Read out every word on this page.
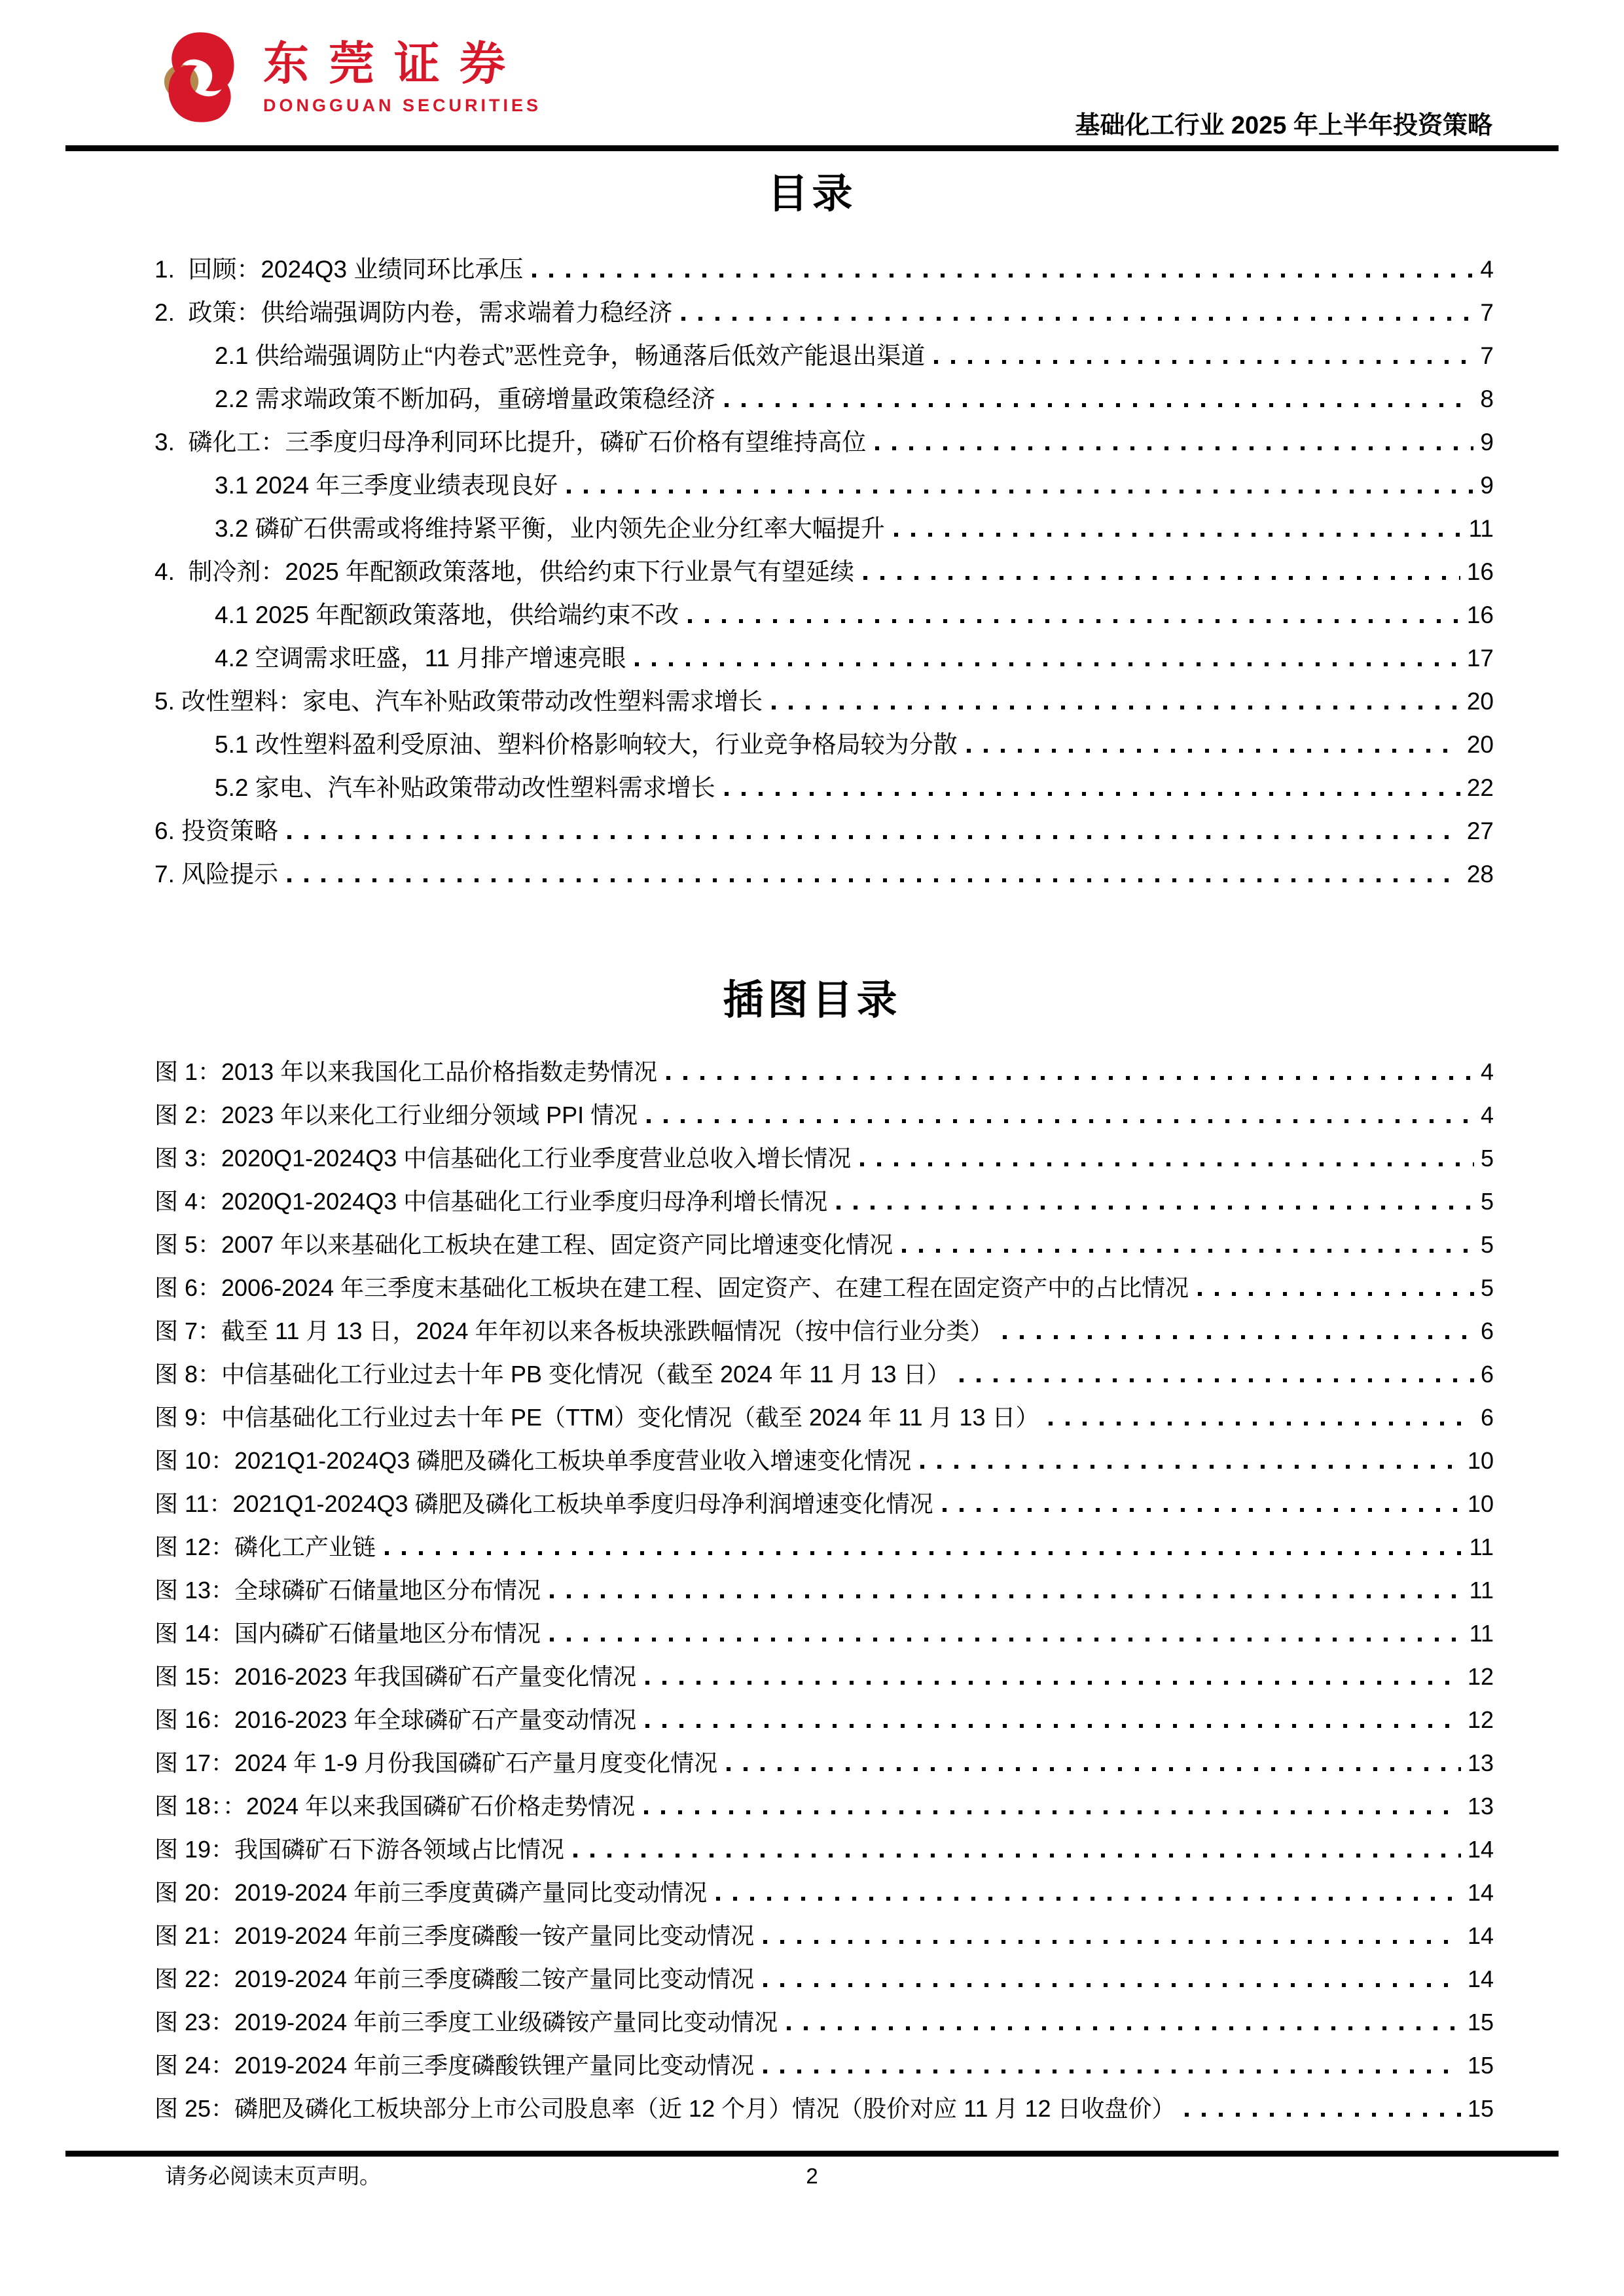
东莞证券
DONGGUAN SECURITIES
基础化工行业 2025 年上半年投资策略
目录
1.  回顾：2024Q3 业绩同环比承压	4
2.  政策：供给端强调防内卷，需求端着力稳经济	7
2.1 供给端强调防止“内卷式”恶性竞争，畅通落后低效产能退出渠道	7
2.2 需求端政策不断加码，重磅增量政策稳经济	8
3.  磷化工：三季度归母净利同环比提升，磷矿石价格有望维持高位	9
3.1 2024 年三季度业绩表现良好	9
3.2 磷矿石供需或将维持紧平衡，业内领先企业分红率大幅提升	11
4.  制冷剂：2025 年配额政策落地，供给约束下行业景气有望延续	16
4.1 2025 年配额政策落地，供给端约束不改	16
4.2 空调需求旺盛，11 月排产增速亮眼	17
5. 改性塑料：家电、汽车补贴政策带动改性塑料需求增长	20
5.1 改性塑料盈利受原油、塑料价格影响较大，行业竞争格局较为分散	20
5.2 家电、汽车补贴政策带动改性塑料需求增长	22
6. 投资策略	27
7. 风险提示	28
插图目录
图 1：2013 年以来我国化工品价格指数走势情况	4
图 2：2023 年以来化工行业细分领域 PPI 情况	4
图 3：2020Q1-2024Q3 中信基础化工行业季度营业总收入增长情况	5
图 4：2020Q1-2024Q3 中信基础化工行业季度归母净利增长情况	5
图 5：2007 年以来基础化工板块在建工程、固定资产同比增速变化情况	5
图 6：2006-2024 年三季度末基础化工板块在建工程、固定资产、在建工程在固定资产中的占比情况	5
图 7：截至 11 月 13 日，2024 年年初以来各板块涨跌幅情况（按中信行业分类）	6
图 8：中信基础化工行业过去十年 PB 变化情况（截至 2024 年 11 月 13 日）	6
图 9：中信基础化工行业过去十年 PE（TTM）变化情况（截至 2024 年 11 月 13 日）	6
图 10：2021Q1-2024Q3 磷肥及磷化工板块单季度营业收入增速变化情况	10
图 11：2021Q1-2024Q3 磷肥及磷化工板块单季度归母净利润增速变化情况	10
图 12：磷化工产业链	11
图 13：全球磷矿石储量地区分布情况	11
图 14：国内磷矿石储量地区分布情况	11
图 15：2016-2023 年我国磷矿石产量变化情况	12
图 16：2016-2023 年全球磷矿石产量变动情况	12
图 17：2024 年 1-9 月份我国磷矿石产量月度变化情况	13
图 18：：2024 年以来我国磷矿石价格走势情况	13
图 19：我国磷矿石下游各领域占比情况	14
图 20：2019-2024 年前三季度黄磷产量同比变动情况	14
图 21：2019-2024 年前三季度磷酸一铵产量同比变动情况	14
图 22：2019-2024 年前三季度磷酸二铵产量同比变动情况	14
图 23：2019-2024 年前三季度工业级磷铵产量同比变动情况	15
图 24：2019-2024 年前三季度磷酸铁锂产量同比变动情况	15
图 25：磷肥及磷化工板块部分上市公司股息率（近 12 个月）情况（股价对应 11 月 12 日收盘价）	15
请务必阅读末页声明。	2
